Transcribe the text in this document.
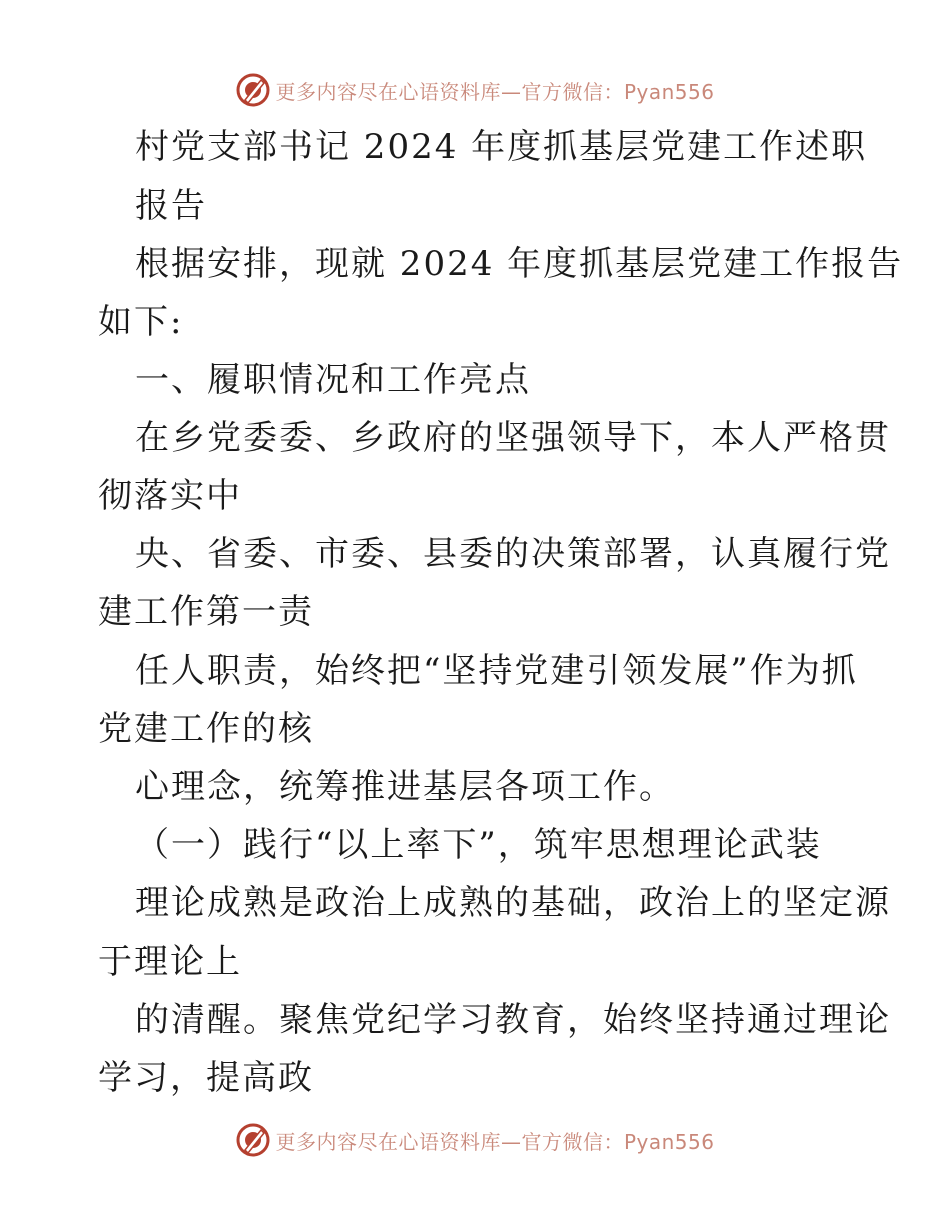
更多内容尽在心语资料库—官方微信：Pyan556
村党支部书记 2024 年度抓基层党建工作述职
报告
根据安排，现就 2024 年度抓基层党建工作报告
如下:
一、履职情况和工作亮点
在乡党委委、乡政府的坚强领导下，本人严格贯
彻落实中
央、省委、市委、县委的决策部署，认真履行党
建工作第一责
任人职责，始终把“坚持党建引领发展”作为抓
党建工作的核
心理念，统筹推进基层各项工作。
（一）践行“以上率下”，筑牢思想理论武装
理论成熟是政治上成熟的基础，政治上的坚定源
于理论上
的清醒。聚焦党纪学习教育，始终坚持通过理论
学习，提高政
更多内容尽在心语资料库—官方微信：Pyan556
